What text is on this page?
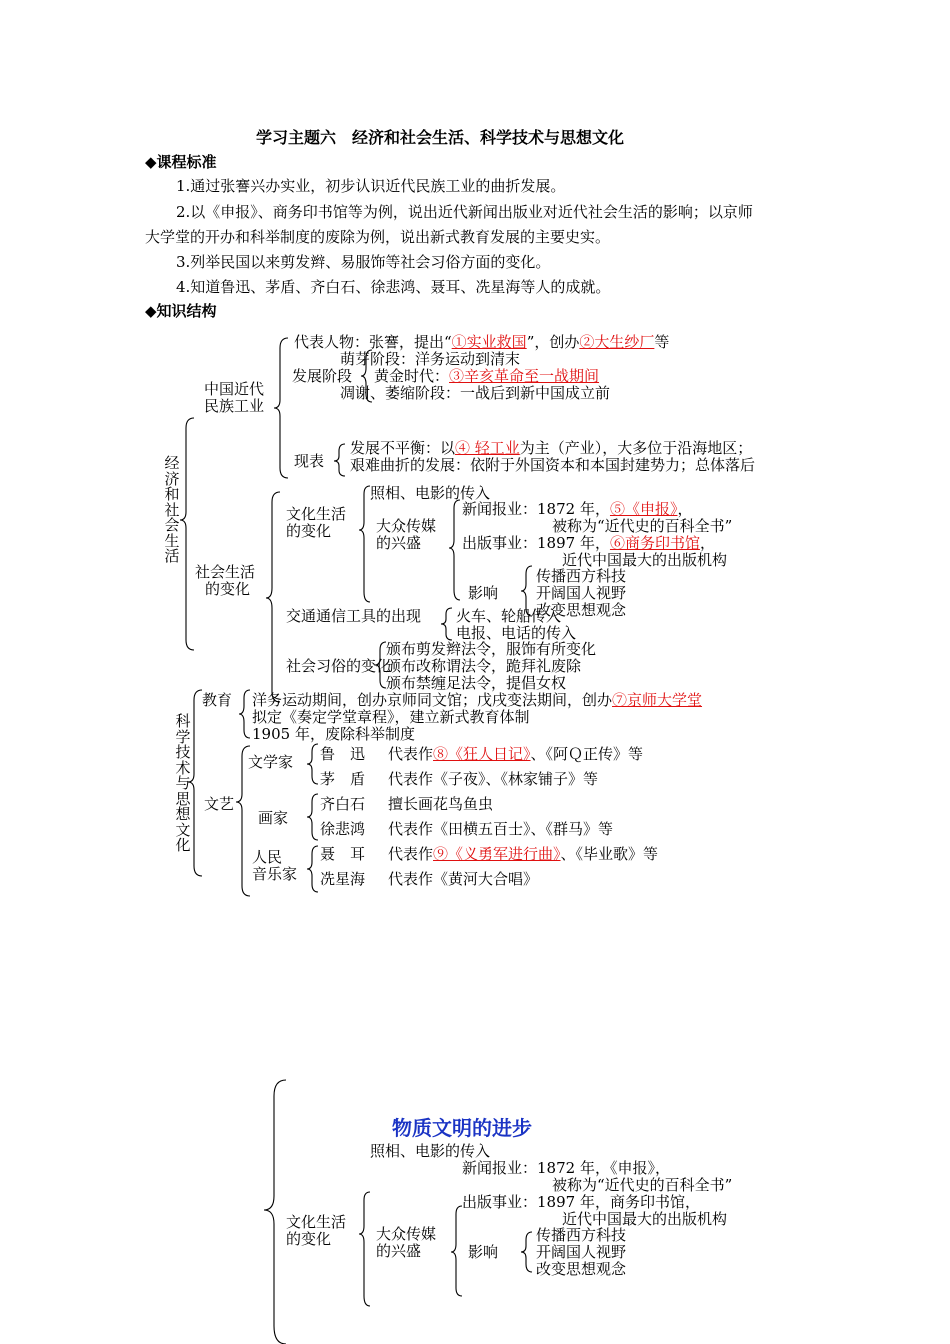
学习主题六　经济和社会生活、科学技术与思想文化
◆课程标准
1.通过张謇兴办实业，初步认识近代民族工业的曲折发展。
2.以《申报》、商务印书馆等为例，说出近代新闻出版业对近代社会生活的影响；以京师
大学堂的开办和科举制度的废除为例，说出新式教育发展的主要史实。
3.列举民国以来剪发辫、易服饰等社会习俗方面的变化。
4.知道鲁迅、茅盾、齐白石、徐悲鸿、聂耳、冼星海等人的成就。
◆知识结构
经济和社会生活
中国近代
民族工业
代表人物：张謇，提出“①实业救国”，创办②大生纱厂等
发展阶段
萌芽阶段：洋务运动到清末
黄金时代：③辛亥革命至一战期间
凋谢、萎缩阶段：一战后到新中国成立前
现表
发展不平衡：以④ 轻工业为主（产业），大多位于沿海地区；
艰难曲折的发展：依附于外国资本和本国封建势力；总体落后
社会生活
的变化
文化生活
的变化
照相、电影的传入
大众传媒
的兴盛
新闻报业：1872 年，⑤《申报》，
被称为“近代史的百科全书”
出版事业：1897 年，⑥商务印书馆，
近代中国最大的出版机构
影响
传播西方科技
开阔国人视野
改变思想观念
交通通信工具的出现 火车、轮船传入
电报、电话的传入
社会习俗的变化
颁布剪发辫法令，服饰有所变化
颁布改称谓法令，跪拜礼废除
颁布禁缠足法令，提倡女权
科学技术与思想文化
教育 洋务运动期间，创办京师同文馆；戊戌变法期间，创办⑦京师大学堂
拟定《奏定学堂章程》，建立新式教育体制
1905 年，废除科举制度
文艺
文学家 鲁　迅 代表作⑧《狂人日记》、《阿Ｑ正传》等
茅　盾 代表作《子夜》、《林家铺子》等
画家
齐白石 擅长画花鸟鱼虫
徐悲鸿 代表作《田横五百士》、《群马》等
人民
音乐家
聂　耳 代表作⑨《义勇军进行曲》、《毕业歌》等
冼星海 代表作《黄河大合唱》
物质文明的进步
照相、电影的传入
新闻报业：1872 年，《申报》，
被称为“近代史的百科全书”
文化生活
的变化
出版事业：1897 年，商务印书馆，
近代中国最大的出版机构
大众传媒
的兴盛	影响
传播西方科技
开阔国人视野
改变思想观念
